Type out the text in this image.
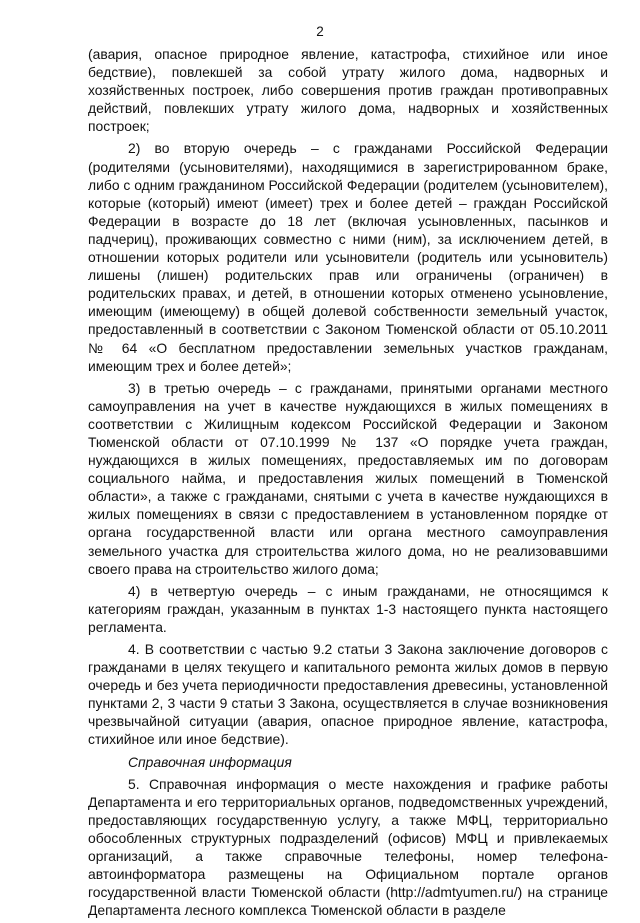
2

(авария, опасное природное явление, катастрофа, стихийное или иное бедствие), повлекшей за собой утрату жилого дома, надворных и хозяйственных построек, либо совершения против граждан противоправных действий, повлекших утрату жилого дома, надворных и хозяйственных построек;

2) во вторую очередь – с гражданами Российской Федерации (родителями (усыновителями), находящимися в зарегистрированном браке, либо с одним гражданином Российской Федерации (родителем (усыновителем), которые (который) имеют (имеет) трех и более детей – граждан Российской Федерации в возрасте до 18 лет (включая усыновленных, пасынков и падчериц), проживающих совместно с ними (ним), за исключением детей, в отношении которых родители или усыновители (родитель или усыновитель) лишены (лишен) родительских прав или ограничены (ограничен) в родительских правах, и детей, в отношении которых отменено усыновление, имеющим (имеющему) в общей долевой собственности земельный участок, предоставленный в соответствии с Законом Тюменской области от 05.10.2011 № 64 «О бесплатном предоставлении земельных участков гражданам, имеющим трех и более детей»;

3) в третью очередь – с гражданами, принятыми органами местного самоуправления на учет в качестве нуждающихся в жилых помещениях в соответствии с Жилищным кодексом Российской Федерации и Законом Тюменской области от 07.10.1999 № 137 «О порядке учета граждан, нуждающихся в жилых помещениях, предоставляемых им по договорам социального найма, и предоставления жилых помещений в Тюменской области», а также с гражданами, снятыми с учета в качестве нуждающихся в жилых помещениях в связи с предоставлением в установленном порядке от органа государственной власти или органа местного самоуправления земельного участка для строительства жилого дома, но не реализовавшими своего права на строительство жилого дома;

4) в четвертую очередь – с иным гражданами, не относящимся к категориям граждан, указанным в пунктах 1-3 настоящего пункта настоящего регламента.

4. В соответствии с частью 9.2 статьи 3 Закона заключение договоров с гражданами в целях текущего и капитального ремонта жилых домов в первую очередь и без учета периодичности предоставления древесины, установленной пунктами 2, 3 части 9 статьи 3 Закона, осуществляется в случае возникновения чрезвычайной ситуации (авария, опасное природное явление, катастрофа, стихийное или иное бедствие).

Справочная информация

5. Справочная информация о месте нахождения и графике работы Департамента и его территориальных органов, подведомственных учреждений, предоставляющих государственную услугу, а также МФЦ, территориально обособленных структурных подразделений (офисов) МФЦ и привлекаемых организаций, а также справочные телефоны, номер телефона-автоинформатора размещены на Официальном портале органов государственной власти Тюменской области (http://admtyumen.ru/) на странице Департамента лесного комплекса Тюменской области в разделе
